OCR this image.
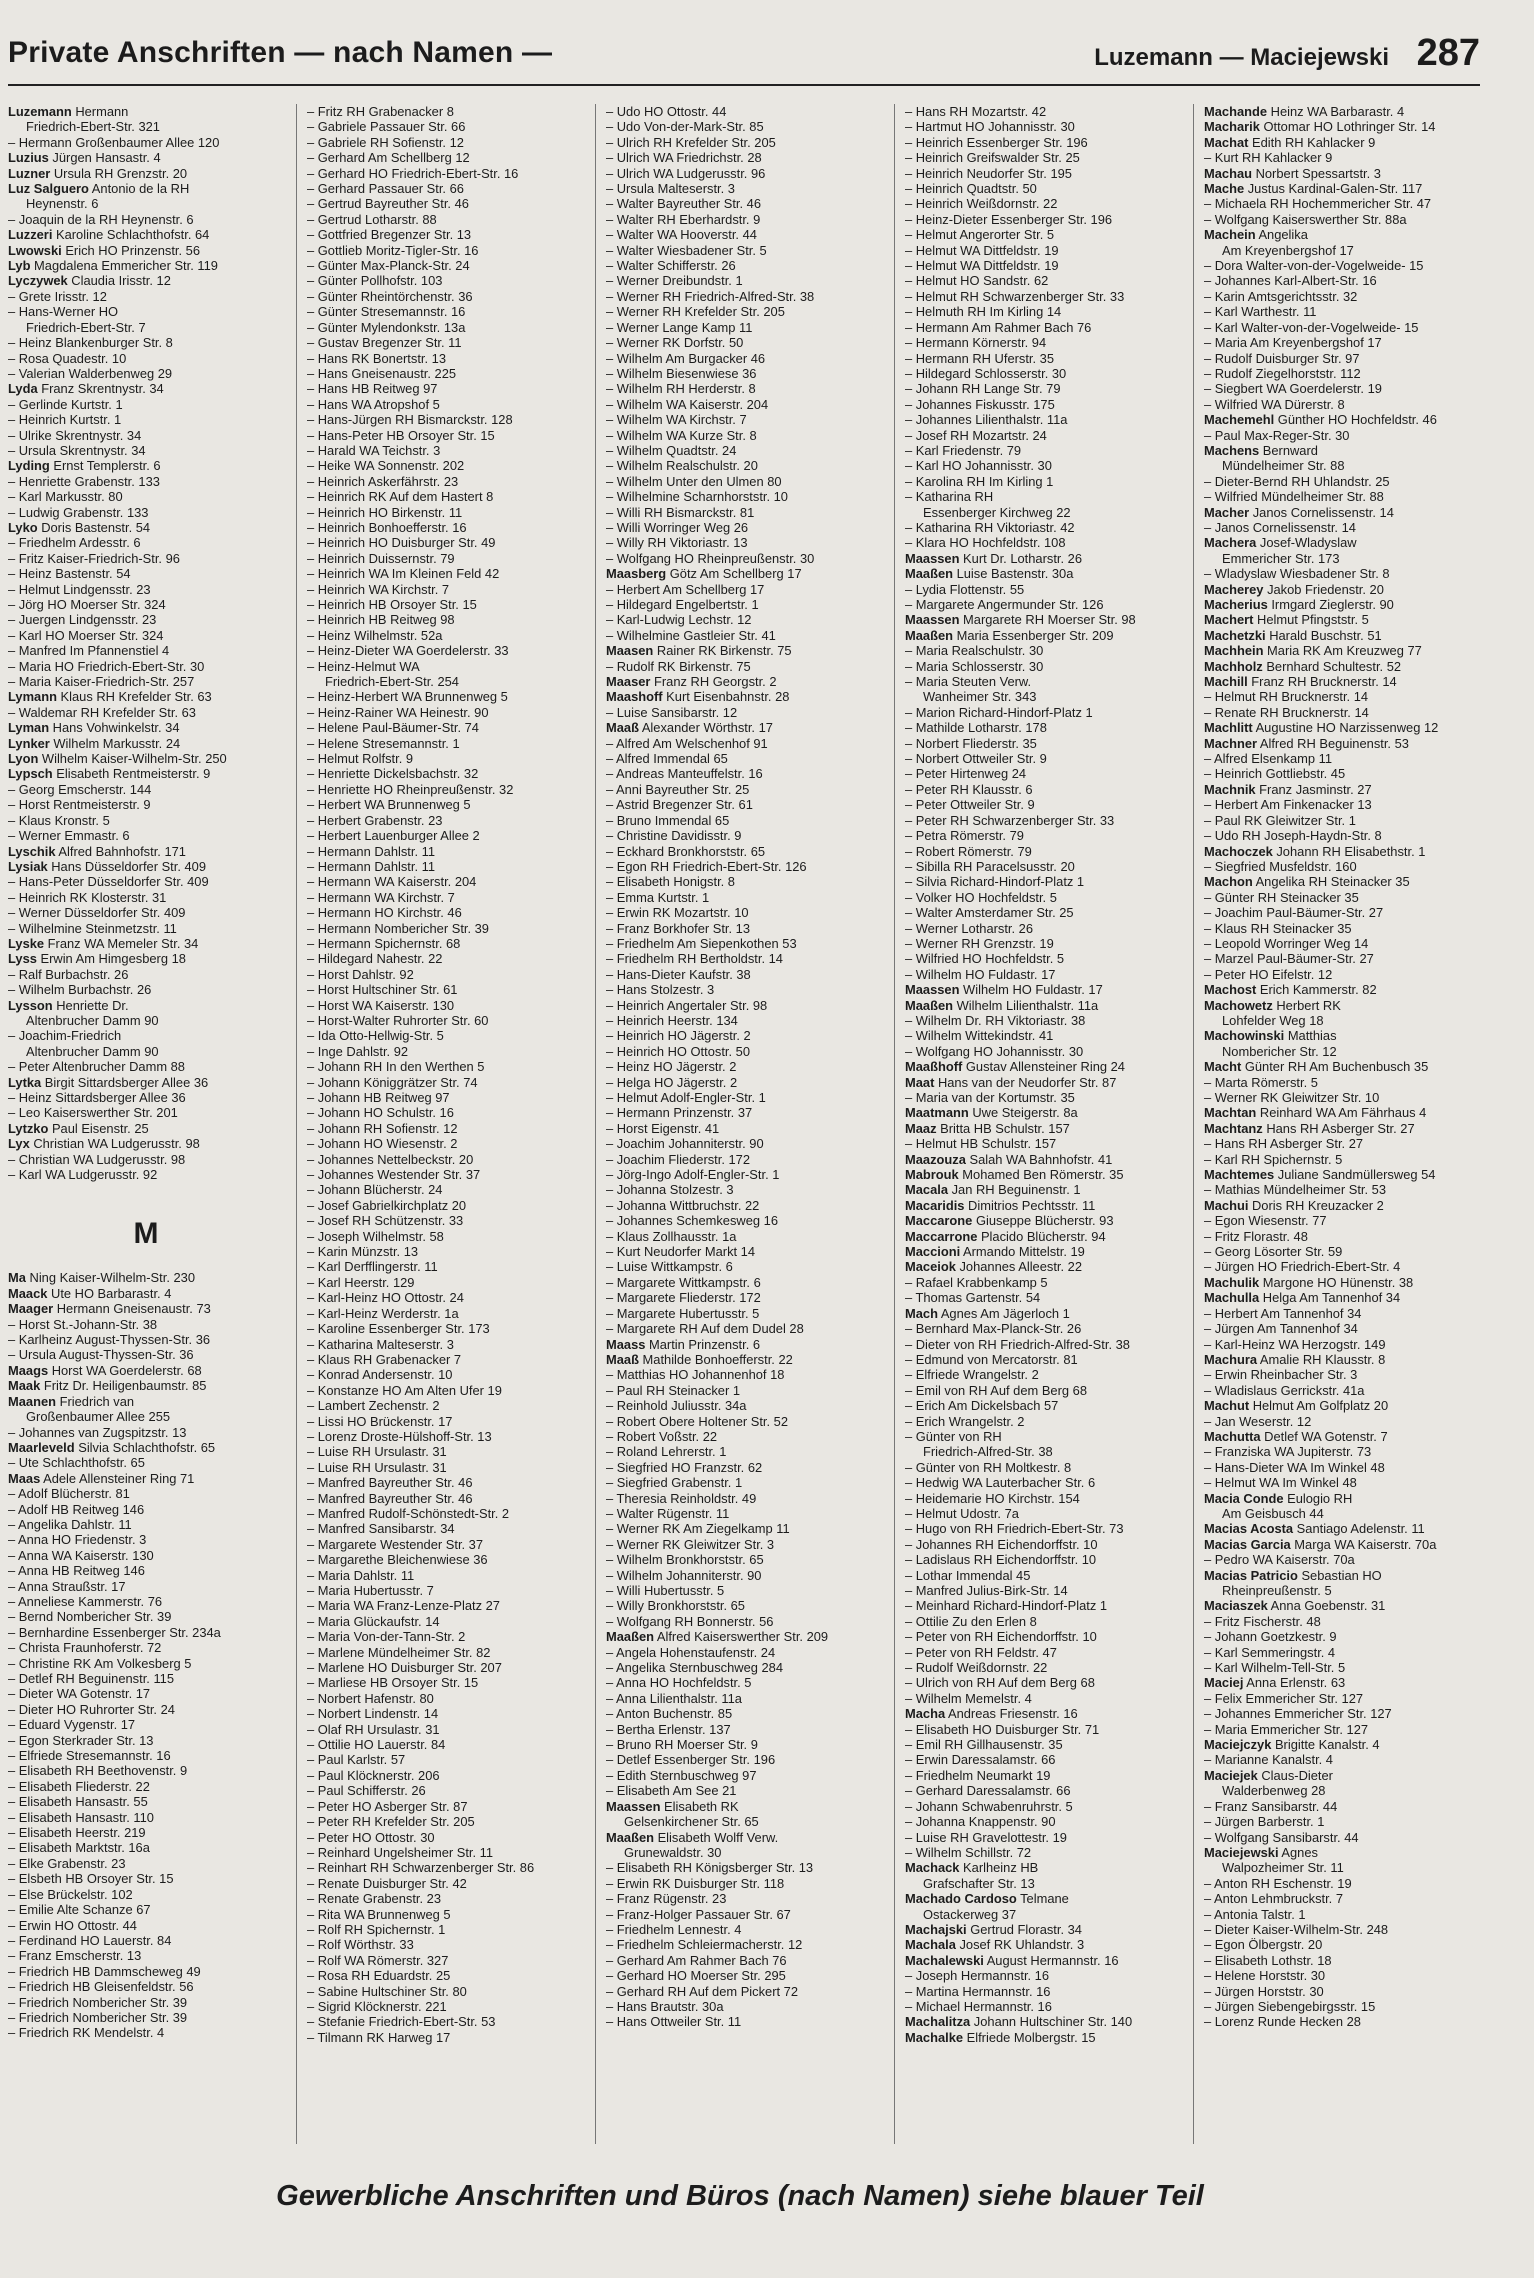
Private Anschriften — nach Namen —	Luzemann — Maciejewski 287
Luzemann Hermann
Friedrich-Ebert-Str. 321
– Hermann Großenbaumer Allee 120
Luzius Jürgen Hansastr. 4
Luzner Ursula RH Grenzstr. 20
Luz Salguero Antonio de la RH
Heynenstr. 6
– Joaquin de la RH Heynenstr. 6
Luzzeri Karoline Schlachthofstr. 64
Lwowski Erich HO Prinzenstr. 56
Lyb Magdalena Emmericher Str. 119
Lyczywek Claudia Irisstr. 12
– Grete Irisstr. 12
– Hans-Werner HO
Friedrich-Ebert-Str. 7
– Heinz Blankenburger Str. 8
– Rosa Quadestr. 10
– Valerian Walderbenweg 29
Lyda Franz Skrentnystr. 34
– Gerlinde Kurtstr. 1
– Heinrich Kurtstr. 1
– Ulrike Skrentnystr. 34
– Ursula Skrentnystr. 34
Lyding Ernst Templerstr. 6
– Henriette Grabenstr. 133
– Karl Markusstr. 80
– Ludwig Grabenstr. 133
Lyko Doris Bastenstr. 54
– Friedhelm Ardesstr. 6
– Fritz Kaiser-Friedrich-Str. 96
– Heinz Bastenstr. 54
– Helmut Lindgensstr. 23
– Jörg HO Moerser Str. 324
– Juergen Lindgensstr. 23
– Karl HO Moerser Str. 324
– Manfred Im Pfannenstiel 4
– Maria HO Friedrich-Ebert-Str. 30
– Maria Kaiser-Friedrich-Str. 257
Lymann Klaus RH Krefelder Str. 63
– Waldemar RH Krefelder Str. 63
Lyman Hans Vohwinkelstr. 34
Lynker Wilhelm Markusstr. 24
Lyon Wilhelm Kaiser-Wilhelm-Str. 250
Lypsch Elisabeth Rentmeisterstr. 9
– Georg Emscherstr. 144
– Horst Rentmeisterstr. 9
– Klaus Kronstr. 5
– Werner Emmastr. 6
Lyschik Alfred Bahnhofstr. 171
Lysiak Hans Düsseldorfer Str. 409
– Hans-Peter Düsseldorfer Str. 409
– Heinrich RK Klosterstr. 31
– Werner Düsseldorfer Str. 409
– Wilhelmine Steinmetzstr. 11
Lyske Franz WA Memeler Str. 34
Lyss Erwin Am Himgesberg 18
– Ralf Burbachstr. 26
– Wilhelm Burbachstr. 26
Lysson Henriette Dr.
Altenbrucher Damm 90
– Joachim-Friedrich
Altenbrucher Damm 90
– Peter Altenbrucher Damm 88
Lytka Birgit Sittardsberger Allee 36
– Heinz Sittardsberger Allee 36
– Leo Kaiserswerther Str. 201
Lytzko Paul Eisenstr. 25
Lyx Christian WA Ludgerusstr. 98
– Christian WA Ludgerusstr. 98
– Karl WA Ludgerusstr. 92
M
Ma Ning Kaiser-Wilhelm-Str. 230
Maack Ute HO Barbarastr. 4
Maager Hermann Gneisenaustr. 73
– Horst St.-Johann-Str. 38
– Karlheinz August-Thyssen-Str. 36
– Ursula August-Thyssen-Str. 36
Maags Horst WA Goerdelerstr. 68
Maak Fritz Dr. Heiligenbaumstr. 85
Maanen Friedrich van
Großenbaumer Allee 255
– Johannes van Zugspitzstr. 13
Maarleveld Silvia Schlachthofstr. 65
– Ute Schlachthofstr. 65
Maas Adele Allensteiner Ring 71
– Adolf Blücherstr. 81
– Adolf HB Reitweg 146
– Angelika Dahlstr. 11
– Anna HO Friedenstr. 3
– Anna WA Kaiserstr. 130
– Anna HB Reitweg 146
– Anna Straußstr. 17
– Anneliese Kammerstr. 76
– Bernd Nombericher Str. 39
– Bernhardine Essenberger Str. 234a
– Christa Fraunhoferstr. 72
– Christine RK Am Volkesberg 5
– Detlef RH Beguinenstr. 115
– Dieter WA Gotenstr. 17
– Dieter HO Ruhrorter Str. 24
– Eduard Vygenstr. 17
– Egon Sterkrader Str. 13
– Elfriede Stresemannstr. 16
– Elisabeth RH Beethovenstr. 9
– Elisabeth Fliederstr. 22
– Elisabeth Hansastr. 55
– Elisabeth Hansastr. 110
– Elisabeth Heerstr. 219
– Elisabeth Marktstr. 16a
– Elke Grabenstr. 23
– Elsbeth HB Orsoyer Str. 15
– Else Brückelstr. 102
– Emilie Alte Schanze 67
– Erwin HO Ottostr. 44
– Ferdinand HO Lauerstr. 84
– Franz Emscherstr. 13
– Friedrich HB Dammscheweg 49
– Friedrich HB Gleisenfeldstr. 56
– Friedrich Nombericher Str. 39
– Friedrich Nombericher Str. 39
– Friedrich RK Mendelstr. 4
– Fritz RH Grabenacker 8
– Gabriele Passauer Str. 66
– Gabriele RH Sofienstr. 12
– Gerhard Am Schellberg 12
– Gerhard HO Friedrich-Ebert-Str. 16
– Gerhard Passauer Str. 66
– Gertrud Bayreuther Str. 46
– Gertrud Lotharstr. 88
– Gottfried Bregenzer Str. 13
– Gottlieb Moritz-Tigler-Str. 16
– Günter Max-Planck-Str. 24
– Günter Pollhofstr. 103
– Günter Rheintörchenstr. 36
– Günter Stresemannstr. 16
– Günter Mylendonkstr. 13a
– Gustav Bregenzer Str. 11
– Hans RK Bonertstr. 13
– Hans Gneisenaustr. 225
– Hans HB Reitweg 97
– Hans WA Atropshof 5
– Hans-Jürgen RH Bismarckstr. 128
– Hans-Peter HB Orsoyer Str. 15
– Harald WA Teichstr. 3
– Heike WA Sonnenstr. 202
– Heinrich Askerfährstr. 23
– Heinrich RK Auf dem Hastert 8
– Heinrich HO Birkenstr. 11
– Heinrich Bonhoefferstr. 16
– Heinrich HO Duisburger Str. 49
– Heinrich Duissernstr. 79
– Heinrich WA Im Kleinen Feld 42
– Heinrich WA Kirchstr. 7
– Heinrich HB Orsoyer Str. 15
– Heinrich HB Reitweg 98
– Heinz Wilhelmstr. 52a
– Heinz-Dieter WA Goerdelerstr. 33
– Heinz-Helmut WA
Friedrich-Ebert-Str. 254
– Heinz-Herbert WA Brunnenweg 5
– Heinz-Rainer WA Heinestr. 90
– Helene Paul-Bäumer-Str. 74
– Helene Stresemannstr. 1
– Helmut Rolfstr. 9
– Henriette Dickelsbachstr. 32
– Henriette HO Rheinpreußenstr. 32
– Herbert WA Brunnenweg 5
– Herbert Grabenstr. 23
– Herbert Lauenburger Allee 2
– Hermann Dahlstr. 11
– Hermann Dahlstr. 11
– Hermann WA Kaiserstr. 204
– Hermann WA Kirchstr. 7
– Hermann HO Kirchstr. 46
– Hermann Nombericher Str. 39
– Hermann Spichernstr. 68
– Hildegard Nahestr. 22
– Horst Dahlstr. 92
– Horst Hultschiner Str. 61
– Horst WA Kaiserstr. 130
– Horst-Walter Ruhrorter Str. 60
– Ida Otto-Hellwig-Str. 5
– Inge Dahlstr. 92
– Johann RH In den Werthen 5
– Johann Königgrätzer Str. 74
– Johann HB Reitweg 97
– Johann HO Schulstr. 16
– Johann RH Sofienstr. 12
– Johann HO Wiesenstr. 2
– Johannes Nettelbeckstr. 20
– Johannes Westender Str. 37
– Johann Blücherstr. 24
– Josef Gabrielkirchplatz 20
– Josef RH Schützenstr. 33
– Joseph Wilhelmstr. 58
– Karin Münzstr. 13
– Karl Derfflingerstr. 11
– Karl Heerstr. 129
– Karl-Heinz HO Ottostr. 24
– Karl-Heinz Werderstr. 1a
– Karoline Essenberger Str. 173
– Katharina Malteserstr. 3
– Klaus RH Grabenacker 7
– Konrad Andersenstr. 10
– Konstanze HO Am Alten Ufer 19
– Lambert Zechenstr. 2
– Lissi HO Brückenstr. 17
– Lorenz Droste-Hülshoff-Str. 13
– Luise RH Ursulastr. 31
– Luise RH Ursulastr. 31
– Manfred Bayreuther Str. 46
– Manfred Bayreuther Str. 46
– Manfred Rudolf-Schönstedt-Str. 2
– Manfred Sansibarstr. 34
– Margarete Westender Str. 37
– Margarethe Bleichenwiese 36
– Maria Dahlstr. 11
– Maria Hubertusstr. 7
– Maria WA Franz-Lenze-Platz 27
– Maria Glückaufstr. 14
– Maria Von-der-Tann-Str. 2
– Marlene Mündelheimer Str. 82
– Marlene HO Duisburger Str. 207
– Marliese HB Orsoyer Str. 15
– Norbert Hafenstr. 80
– Norbert Lindenstr. 14
– Olaf RH Ursulastr. 31
– Ottilie HO Lauerstr. 84
– Paul Karlstr. 57
– Paul Klöcknerstr. 206
– Paul Schifferstr. 26
– Peter HO Asberger Str. 87
– Peter RH Krefelder Str. 205
– Peter HO Ottostr. 30
– Reinhard Ungelsheimer Str. 11
– Reinhart RH Schwarzenberger Str. 86
– Renate Duisburger Str. 42
– Renate Grabenstr. 23
– Rita WA Brunnenweg 5
– Rolf RH Spichernstr. 1
– Rolf Wörthstr. 33
– Rolf WA Römerstr. 327
– Rosa RH Eduardstr. 25
– Sabine Hultschiner Str. 80
– Sigrid Klöcknerstr. 221
– Stefanie Friedrich-Ebert-Str. 53
– Tilmann RK Harweg 17
– Udo HO Ottostr. 44
– Udo Von-der-Mark-Str. 85
– Ulrich RH Krefelder Str. 205
– Ulrich WA Friedrichstr. 28
– Ulrich WA Ludgerusstr. 96
– Ursula Malteserstr. 3
– Walter Bayreuther Str. 46
– Walter RH Eberhardstr. 9
– Walter WA Hooverstr. 44
– Walter Wiesbadener Str. 5
– Walter Schifferstr. 26
– Werner Dreibundstr. 1
– Werner RH Friedrich-Alfred-Str. 38
– Werner RH Krefelder Str. 205
– Werner Lange Kamp 11
– Werner RK Dorfstr. 50
– Wilhelm Am Burgacker 46
– Wilhelm Biesenwiese 36
– Wilhelm RH Herderstr. 8
– Wilhelm WA Kaiserstr. 204
– Wilhelm WA Kirchstr. 7
– Wilhelm WA Kurze Str. 8
– Wilhelm Quadtstr. 24
– Wilhelm Realschulstr. 20
– Wilhelm Unter den Ulmen 80
– Wilhelmine Scharnhorststr. 10
– Willi RH Bismarckstr. 81
– Willi Worringer Weg 26
– Willy RH Viktoriastr. 13
– Wolfgang HO Rheinpreußenstr. 30
Maasberg Götz Am Schellberg 17
– Herbert Am Schellberg 17
– Hildegard Engelbertstr. 1
– Karl-Ludwig Lechstr. 12
– Wilhelmine Gastleier Str. 41
Maasen Rainer RK Birkenstr. 75
– Rudolf RK Birkenstr. 75
Maaser Franz RH Georgstr. 2
Maashoff Kurt Eisenbahnstr. 28
– Luise Sansibarstr. 12
Maaß Alexander Wörthstr. 17
– Alfred Am Welschenhof 91
– Alfred Immendal 65
– Andreas Manteuffelstr. 16
– Anni Bayreuther Str. 25
– Astrid Bregenzer Str. 61
– Bruno Immendal 65
– Christine Davidisstr. 9
– Eckhard Bronkhorststr. 65
– Egon RH Friedrich-Ebert-Str. 126
– Elisabeth Honigstr. 8
– Emma Kurtstr. 1
– Erwin RK Mozartstr. 10
– Franz Borkhofer Str. 13
– Friedhelm Am Siepenkothen 53
– Friedhelm RH Bertholdstr. 14
– Hans-Dieter Kaufstr. 38
– Hans Stolzestr. 3
– Heinrich Angertaler Str. 98
– Heinrich Heerstr. 134
– Heinrich HO Jägerstr. 2
– Heinrich HO Ottostr. 50
– Heinz HO Jägerstr. 2
– Helga HO Jägerstr. 2
– Helmut Adolf-Engler-Str. 1
– Hermann Prinzenstr. 37
– Horst Eigenstr. 41
– Joachim Johanniterstr. 90
– Joachim Fliederstr. 172
– Jörg-Ingo Adolf-Engler-Str. 1
– Johanna Stolzestr. 3
– Johanna Wittbruchstr. 22
– Johannes Schemkesweg 16
– Klaus Zollhausstr. 1a
– Kurt Neudorfer Markt 14
– Luise Wittkampstr. 6
– Margarete Wittkampstr. 6
– Margarete Fliederstr. 172
– Margarete Hubertusstr. 5
– Margarete RH Auf dem Dudel 28
Maass Martin Prinzenstr. 6
Maaß Mathilde Bonhoefferstr. 22
– Matthias HO Johannenhof 18
– Paul RH Steinacker 1
– Reinhold Juliusstr. 34a
– Robert Obere Holtener Str. 52
– Robert Voßstr. 22
– Roland Lehrerstr. 1
– Siegfried HO Franzstr. 62
– Siegfried Grabenstr. 1
– Theresia Reinholdstr. 49
– Walter Rügenstr. 11
– Werner RK Am Ziegelkamp 11
– Werner RK Gleiwitzer Str. 3
– Wilhelm Bronkhorststr. 65
– Wilhelm Johanniterstr. 90
– Willi Hubertusstr. 5
– Willy Bronkhorststr. 65
– Wolfgang RH Bonnerstr. 56
Maaßen Alfred Kaiserswerther Str. 209
– Angela Hohenstaufenstr. 24
– Angelika Sternbuschweg 284
– Anna HO Hochfeldstr. 5
– Anna Lilienthalstr. 11a
– Anton Buchenstr. 85
– Bertha Erlenstr. 137
– Bruno RH Moerser Str. 9
– Detlef Essenberger Str. 196
– Edith Sternbuschweg 97
– Elisabeth Am See 21
Maassen Elisabeth RK
Gelsenkirchener Str. 65
Maaßen Elisabeth Wolff Verw.
Grunewaldstr. 30
– Elisabeth RH Königsberger Str. 13
– Erwin RK Duisburger Str. 118
– Franz Rügenstr. 23
– Franz-Holger Passauer Str. 67
– Friedhelm Lennestr. 4
– Friedhelm Schleiermacherstr. 12
– Gerhard Am Rahmer Bach 76
– Gerhard HO Moerser Str. 295
– Gerhard RH Auf dem Pickert 72
– Hans Brautstr. 30a
– Hans Ottweiler Str. 11
– Hans RH Mozartstr. 42
– Hartmut HO Johannisstr. 30
– Heinrich Essenberger Str. 196
– Heinrich Greifswalder Str. 25
– Heinrich Neudorfer Str. 195
– Heinrich Quadtstr. 50
– Heinrich Weißdornstr. 22
– Heinz-Dieter Essenberger Str. 196
– Helmut Angerorter Str. 5
– Helmut WA Dittfeldstr. 19
– Helmut WA Dittfeldstr. 19
– Helmut HO Sandstr. 62
– Helmut RH Schwarzenberger Str. 33
– Helmuth RH Im Kirling 14
– Hermann Am Rahmer Bach 76
– Hermann Körnerstr. 94
– Hermann RH Uferstr. 35
– Hildegard Schlosserstr. 30
– Johann RH Lange Str. 79
– Johannes Fiskusstr. 175
– Johannes Lilienthalstr. 11a
– Josef RH Mozartstr. 24
– Karl Friedenstr. 79
– Karl HO Johannisstr. 30
– Karolina RH Im Kirling 1
– Katharina RH
Essenberger Kirchweg 22
– Katharina RH Viktoriastr. 42
– Klara HO Hochfeldstr. 108
Maassen Kurt Dr. Lotharstr. 26
Maaßen Luise Bastenstr. 30a
– Lydia Flottenstr. 55
– Margarete Angermunder Str. 126
Maassen Margarete RH Moerser Str. 98
Maaßen Maria Essenberger Str. 209
– Maria Realschulstr. 30
– Maria Schlosserstr. 30
– Maria Steuten Verw.
Wanheimer Str. 343
– Marion Richard-Hindorf-Platz 1
– Mathilde Lotharstr. 178
– Norbert Fliederstr. 35
– Norbert Ottweiler Str. 9
– Peter Hirtenweg 24
– Peter RH Klausstr. 6
– Peter Ottweiler Str. 9
– Peter RH Schwarzenberger Str. 33
– Petra Römerstr. 79
– Robert Römerstr. 79
– Sibilla RH Paracelsusstr. 20
– Silvia Richard-Hindorf-Platz 1
– Volker HO Hochfeldstr. 5
– Walter Amsterdamer Str. 25
– Werner Lotharstr. 26
– Werner RH Grenzstr. 19
– Wilfried HO Hochfeldstr. 5
– Wilhelm HO Fuldastr. 17
Maassen Wilhelm HO Fuldastr. 17
Maaßen Wilhelm Lilienthalstr. 11a
– Wilhelm Dr. RH Viktoriastr. 38
– Wilhelm Wittekindstr. 41
– Wolfgang HO Johannisstr. 30
Maaßhoff Gustav Allensteiner Ring 24
Maat Hans van der Neudorfer Str. 87
– Maria van der Kortumstr. 35
Maatmann Uwe Steigerstr. 8a
Maaz Britta HB Schulstr. 157
– Helmut HB Schulstr. 157
Maazouza Salah WA Bahnhofstr. 41
Mabrouk Mohamed Ben Römerstr. 35
Macala Jan RH Beguinenstr. 1
Macaridis Dimitrios Pechtsstr. 11
Maccarone Giuseppe Blücherstr. 93
Maccarrone Placido Blücherstr. 94
Maccioni Armando Mittelstr. 19
Maceiok Johannes Alleestr. 22
– Rafael Krabbenkamp 5
– Thomas Gartenstr. 54
Mach Agnes Am Jägerloch 1
– Bernhard Max-Planck-Str. 26
– Dieter von RH Friedrich-Alfred-Str. 38
– Edmund von Mercatorstr. 81
– Elfriede Wrangelstr. 2
– Emil von RH Auf dem Berg 68
– Erich Am Dickelsbach 57
– Erich Wrangelstr. 2
– Günter von RH
Friedrich-Alfred-Str. 38
– Günter von RH Moltkestr. 8
– Hedwig WA Lauterbacher Str. 6
– Heidemarie HO Kirchstr. 154
– Helmut Udostr. 7a
– Hugo von RH Friedrich-Ebert-Str. 73
– Johannes RH Eichendorffstr. 10
– Ladislaus RH Eichendorffstr. 10
– Lothar Immendal 45
– Manfred Julius-Birk-Str. 14
– Meinhard Richard-Hindorf-Platz 1
– Ottilie Zu den Erlen 8
– Peter von RH Eichendorffstr. 10
– Peter von RH Feldstr. 47
– Rudolf Weißdornstr. 22
– Ulrich von RH Auf dem Berg 68
– Wilhelm Memelstr. 4
Macha Andreas Friesenstr. 16
– Elisabeth HO Duisburger Str. 71
– Emil RH Gillhausenstr. 35
– Erwin Daressalamstr. 66
– Friedhelm Neumarkt 19
– Gerhard Daressalamstr. 66
– Johann Schwabenruhrstr. 5
– Johanna Knappenstr. 90
– Luise RH Gravelottestr. 19
– Wilhelm Schillstr. 72
Machack Karlheinz HB
Grafschafter Str. 13
Machado Cardoso Telmane
Ostackerweg 37
Machajski Gertrud Florastr. 34
Machala Josef RK Uhlandstr. 3
Machalewski August Hermannstr. 16
– Joseph Hermannstr. 16
– Martina Hermannstr. 16
– Michael Hermannstr. 16
Machalitza Johann Hultschiner Str. 140
Machalke Elfriede Molbergstr. 15
Machande Heinz WA Barbarastr. 4
Macharik Ottomar HO Lothringer Str. 14
Machat Edith RH Kahlacker 9
– Kurt RH Kahlacker 9
Machau Norbert Spessartstr. 3
Mache Justus Kardinal-Galen-Str. 117
– Michaela RH Hochemmericher Str. 47
– Wolfgang Kaiserswerther Str. 88a
Machein Angelika
Am Kreyenbergshof 17
– Dora Walter-von-der-Vogelweide- 15
– Johannes Karl-Albert-Str. 16
– Karin Amtsgerichtsstr. 32
– Karl Warthestr. 11
– Karl Walter-von-der-Vogelweide- 15
– Maria Am Kreyenbergshof 17
– Rudolf Duisburger Str. 97
– Rudolf Ziegelhorststr. 112
– Siegbert WA Goerdelerstr. 19
– Wilfried WA Dürerstr. 8
Machemehl Günther HO Hochfeldstr. 46
– Paul Max-Reger-Str. 30
Machens Bernward
Mündelheimer Str. 88
– Dieter-Bernd RH Uhlandstr. 25
– Wilfried Mündelheimer Str. 88
Macher Janos Cornelissenstr. 14
– Janos Cornelissenstr. 14
Machera Josef-Wladyslaw
Emmericher Str. 173
– Wladyslaw Wiesbadener Str. 8
Macherey Jakob Friedenstr. 20
Macherius Irmgard Zieglerstr. 90
Machert Helmut Pfingststr. 5
Machetzki Harald Buschstr. 51
Machhein Maria RK Am Kreuzweg 77
Machholz Bernhard Schultestr. 52
Machill Franz RH Brucknerstr. 14
– Helmut RH Brucknerstr. 14
– Renate RH Brucknerstr. 14
Machlitt Augustine HO Narzissenweg 12
Machner Alfred RH Beguinenstr. 53
– Alfred Elsenkamp 11
– Heinrich Gottliebstr. 45
Machnik Franz Jasminstr. 27
– Herbert Am Finkenacker 13
– Paul RK Gleiwitzer Str. 1
– Udo RH Joseph-Haydn-Str. 8
Machoczek Johann RH Elisabethstr. 1
– Siegfried Musfeldstr. 160
Machon Angelika RH Steinacker 35
– Günter RH Steinacker 35
– Joachim Paul-Bäumer-Str. 27
– Klaus RH Steinacker 35
– Leopold Worringer Weg 14
– Marzel Paul-Bäumer-Str. 27
– Peter HO Eifelstr. 12
Machost Erich Kammerstr. 82
Machowetz Herbert RK
Lohfelder Weg 18
Machowinski Matthias
Nombericher Str. 12
Macht Günter RH Am Buchenbusch 35
– Marta Römerstr. 5
– Werner RK Gleiwitzer Str. 10
Machtan Reinhard WA Am Fährhaus 4
Machtanz Hans RH Asberger Str. 27
– Hans RH Asberger Str. 27
– Karl RH Spichernstr. 5
Machtemes Juliane Sandmüllersweg 54
– Mathias Mündelheimer Str. 53
Machui Doris RH Kreuzacker 2
– Egon Wiesenstr. 77
– Fritz Florastr. 48
– Georg Lösorter Str. 59
– Jürgen HO Friedrich-Ebert-Str. 4
Machulik Margone HO Hünenstr. 38
Machulla Helga Am Tannenhof 34
– Herbert Am Tannenhof 34
– Jürgen Am Tannenhof 34
– Karl-Heinz WA Herzogstr. 149
Machura Amalie RH Klausstr. 8
– Erwin Rheinbacher Str. 3
– Wladislaus Gerrickstr. 41a
Machut Helmut Am Golfplatz 20
– Jan Weserstr. 12
Machutta Detlef WA Gotenstr. 7
– Franziska WA Jupiterstr. 73
– Hans-Dieter WA Im Winkel 48
– Helmut WA Im Winkel 48
Macia Conde Eulogio RH
Am Geisbusch 44
Macias Acosta Santiago Adelenstr. 11
Macias Garcia Marga WA Kaiserstr. 70a
– Pedro WA Kaiserstr. 70a
Macias Patricio Sebastian HO
Rheinpreußenstr. 5
Maciaszek Anna Goebenstr. 31
– Fritz Fischerstr. 48
– Johann Goetzkestr. 9
– Karl Semmeringstr. 4
– Karl Wilhelm-Tell-Str. 5
Maciej Anna Erlenstr. 63
– Felix Emmericher Str. 127
– Johannes Emmericher Str. 127
– Maria Emmericher Str. 127
Maciejczyk Brigitte Kanalstr. 4
– Marianne Kanalstr. 4
Maciejek Claus-Dieter
Walderbenweg 28
– Franz Sansibarstr. 44
– Jürgen Barberstr. 1
– Wolfgang Sansibarstr. 44
Maciejewski Agnes
Walpozheimer Str. 11
– Anton RH Eschenstr. 19
– Anton Lehmbruckstr. 7
– Antonia Talstr. 1
– Dieter Kaiser-Wilhelm-Str. 248
– Egon Ölbergstr. 20
– Elisabeth Lothstr. 18
– Helene Horststr. 30
– Jürgen Horststr. 30
– Jürgen Siebengebirgsstr. 15
– Lorenz Runde Hecken 28
Gewerbliche Anschriften und Büros (nach Namen) siehe blauer Teil
